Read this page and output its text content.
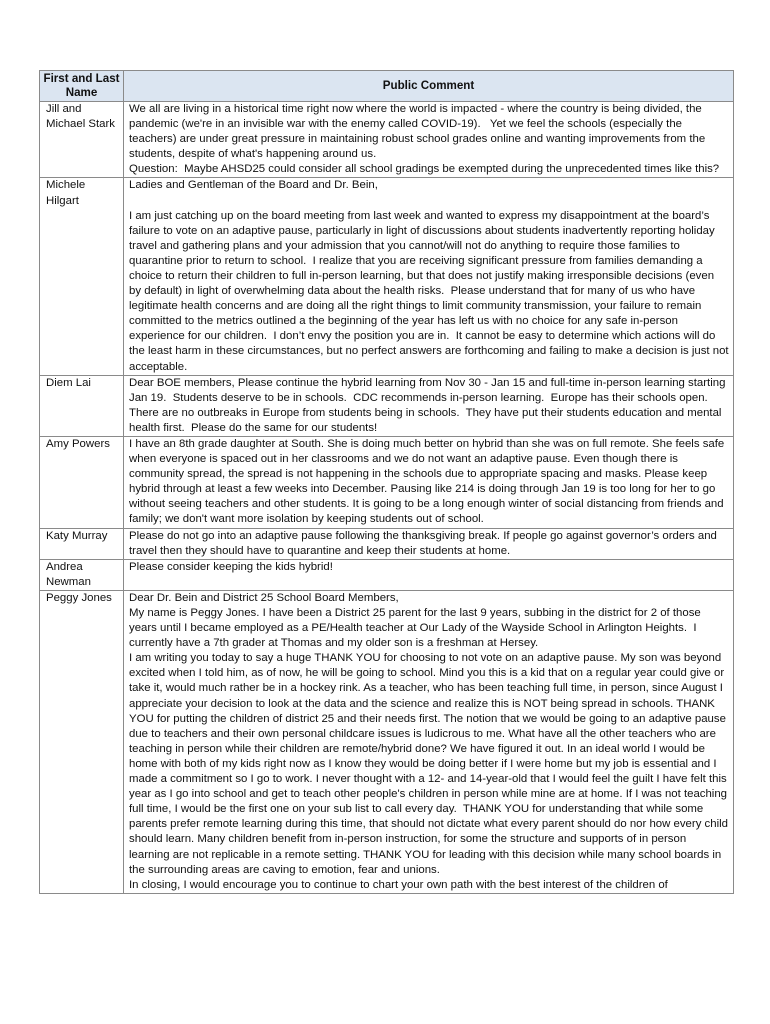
First and Last Name	Public Comment
Jill and Michael Stark	We all are living in a historical time right now where the world is impacted - where the country is being divided, the pandemic (we're in an invisible war with the enemy called COVID-19).   Yet we feel the schools (especially the teachers) are under great pressure in maintaining robust school grades online and wanting improvements from the students, despite of what's happening around us.

Question:  Maybe AHSD25 could consider all school gradings be exempted during the unprecedented times like this?

Michele Hilgart	Ladies and Gentleman of the Board and Dr. Bein,

I am just catching up on the board meeting from last week and wanted to express my disappointment at the board’s failure to vote on an adaptive pause, particularly in light of discussions about students inadvertently reporting holiday travel and gathering plans and your admission that you cannot/will not do anything to require those families to quarantine prior to return to school.  I realize that you are receiving significant pressure from families demanding a choice to return their children to full in-person learning, but that does not justify making irresponsible decisions (even by default) in light of overwhelming data about the health risks.  Please understand that for many of us who have legitimate health concerns and are doing all the right things to limit community transmission, your failure to remain committed to the metrics outlined a the beginning of the year has left us with no choice for any safe in-person experience for our children.  I don’t envy the position you are in.  It cannot be easy to determine which actions will do the least harm in these circumstances, but no perfect answers are forthcoming and failing to make a decision is just not acceptable.

Diem Lai	Dear BOE members, Please continue the hybrid learning from Nov 30 - Jan 15 and full-time in-person learning starting Jan 19.  Students deserve to be in schools.  CDC recommends in-person learning.  Europe has their schools open.  There are no outbreaks in Europe from students being in schools.  They have put their students education and mental health first.  Please do the same for our students!

Amy Powers	I have an 8th grade daughter at South. She is doing much better on hybrid than she was on full remote. She feels safe when everyone is spaced out in her classrooms and we do not want an adaptive pause. Even though there is community spread, the spread is not happening in the schools due to appropriate spacing and masks. Please keep hybrid through at least a few weeks into December. Pausing like 214 is doing through Jan 19 is too long for her to go without seeing teachers and other students. It is going to be a long enough winter of social distancing from friends and family; we don't want more isolation by keeping students out of school.

Katy Murray	Please do not go into an adaptive pause following the thanksgiving break. If people go against governor’s orders and travel then they should have to quarantine and keep their students at home.

Andrea Newman	Please consider keeping the kids hybrid!

Peggy Jones	Dear Dr. Bein and District 25 School Board Members,

My name is Peggy Jones. I have been a District 25 parent for the last 9 years, subbing in the district for 2 of those years until I became employed as a PE/Health teacher at Our Lady of the Wayside School in Arlington Heights.  I currently have a 7th grader at Thomas and my older son is a freshman at Hersey.

I am writing you today to say a huge THANK YOU for choosing to not vote on an adaptive pause. My son was beyond excited when I told him, as of now, he will be going to school. Mind you this is a kid that on a regular year could give or take it, would much rather be in a hockey rink. As a teacher, who has been teaching full time, in person, since August I appreciate your decision to look at the data and the science and realize this is NOT being spread in schools. THANK YOU for putting the children of district 25 and their needs first. The notion that we would be going to an adaptive pause due to teachers and their own personal childcare issues is ludicrous to me. What have all the other teachers who are teaching in person while their children are remote/hybrid done? We have figured it out. In an ideal world I would be home with both of my kids right now as I know they would be doing better if I were home but my job is essential and I made a commitment so I go to work. I never thought with a 12- and 14-year-old that I would feel the guilt I have felt this year as I go into school and get to teach other people's children in person while mine are at home. If I was not teaching full time, I would be the first one on your sub list to call every day.  THANK YOU for understanding that while some parents prefer remote learning during this time, that should not dictate what every parent should do nor how every child should learn. Many children benefit from in-person instruction, for some the structure and supports of in person learning are not replicable in a remote setting. THANK YOU for leading with this decision while many school boards in the surrounding areas are caving to emotion, fear and unions.

In closing, I would encourage you to continue to chart your own path with the best interest of the children of
